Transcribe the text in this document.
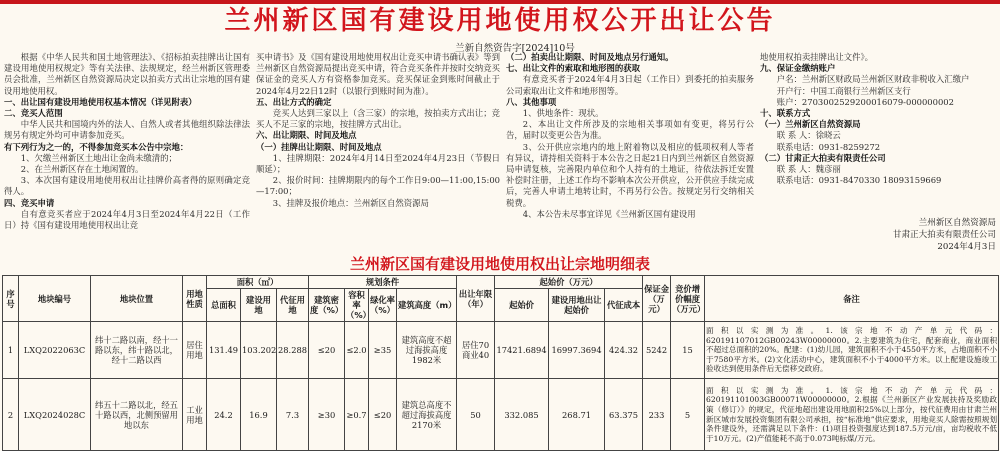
兰州新区国有建设用地使用权公开出让公告
兰新自然资告字[2024]10号

根据《中华人民共和国土地管理法》、《招标拍卖挂牌出让国有建设用地使用权规定》等有关法律、法规规定，经兰州新区管理委员会批准，兰州新区自然资源局决定以拍卖方式出让宗地的国有建设用地使用权。

一、出让国有建设用地使用权基本情况（详见附表）

二、竞买人范围

中华人民共和国境内外的法人、自然人或者其他组织除法律法规另有规定外均可申请参加竞买。

有下列行为之一的，不得参加竞买本公告中宗地：

1、欠缴兰州新区土地出让金尚未缴清的；

2、在兰州新区存在土地闲置的。

3、本次国有建设用地使用权出让挂牌价高者得的原则确定竞得人。

四、竞买申请

自有意竞买者应于2024年4月3日至2024年4月22日（工作日）持《国有建设用地使用权出让竞

买申请书》及《国有建设用地使用权出让竞买申请书确认表》等到兰州新区自然资源局提出竞买申请，符合竞买条件并按时交纳竞买保证金的竞买人方有资格参加竞买。竞买保证金到账时间截止于2024年4月22日12时（以银行到账时间为准）。

五、出让方式的确定

竞买人达到三家以上（含三家）的宗地，按拍卖方式出让；竞买人不足三家的宗地，按挂牌方式出让。

六、出让期限、时间及地点

（一）挂牌出让期限、时间及地点

1、挂牌期限：2024年4月14日至2024年4月23日（节假日顺延）；

2、报价时间：挂牌期限内的每个工作日9:00—11:00,15:00—17:00；

3、挂牌及报价地点：兰州新区自然资源局

（二）拍卖出让期限、时间及地点另行通知。

七、出让文件的索取和地形图的获取

有意竞买者于2024年4月3日起（工作日）到委托的拍卖服务公司索取出让文件和地形图等。

八、其他事项

1、供地条件：现状。

2、本出让文件所涉及的宗地相关事项如有变更，将另行公告，届时以变更公告为准。

3、公开供应宗地内的地上附着物以及相应的低项权利人等者有异议，请持相关资料于本公告之日起21日内到兰州新区自然资源局申请复核，完善限内单位和个人持有的土地证，待依法拆迁安置补偿时注册，上述工作均不影响本次公开供应，公开供应手续完成后，完善人申请土地转让时，不再另行公告。按规定另行交纳相关税费。

4、本公告未尽事宜详见《兰州新区国有建设用

地使用权拍卖挂牌出让文件》。

九、保证金缴纳账户

户名：兰州新区财政局兰州新区财政非税收入汇缴户

开户行：中国工商银行兰州新区支行

账户：2703002529200016079-000000002

十、联系方式

（一）兰州新区自然资源局

联 系 人：徐晓云

联系电话：0931-8259272

（二）甘肃正大拍卖有限责任公司

联 系 人：魏彦丽

联系电话：0931-8470330 18093159669

兰州新区自然资源局
甘肃正大拍卖有限责任公司
2024年4月3日
兰州新区国有建设用地使用权出让宗地明细表
序号	地块编号	地块位置	用地性质	面积（㎡）			规划条件				出让年限（年）	起始价（万元）			保证金（万元）	竞价增价幅度（万元）	备注
				总面积	建设用地	代征用地	建筑密度（%）	容积率（%）	绿化率（%）	建筑高度（m）		起始价	建设用地出让起始价	代征成本			
1	LXQ2022063C	纬十二路以南，经十一路以东，纬十路以北，经十二路以西	居住用地	131.49	103.202	28.288	≤20	≤2.0	≥35	建筑高度不超过海拔高度1982米	居住70商业40	17421.6894	16997.3694	424.32	5242	15	面积以实测为准。1.该宗地不动产单元代码：620191107012GB00243W00000000。2.主要建筑为住宅，配套商业，商业面积不超过总面积的20%。配建：(1)幼儿园，建筑面积不小于4550平方米，占地面积不小于7580平方米。(2)文化活动中心，建筑面积不小于4000平方米。以上配建设施竣工验收达到使用条件后无偿移交政府。
2	LXQ2024028C	纬五十二路以北，经五十路以西，北侧预留用地以东	工业用地	24.2	16.9	7.3	≥30	≥0.7	≤20	建筑总高度不超过海拔高度2170米	50	332.085	268.71	63.375	233	5	面积以实测为准。1.该宗地不动产单元代码：620191101003GB00071W00000000。2.根据《兰州新区产业发展扶持及奖励政策（修订）》的规定，代征地超出建设用地面积25%以上部分，按代征费用由甘肃兰州新区城市发展投资集团有限公司承担，按“标准地”供应要求，用地竞买人除需按照规划条件建设外，还需满足以下条件：(1)项目投资强度达到187.5万元/亩，亩均税收不低于10万元。(2)产值能耗不高于0.073吨标煤/万元。
